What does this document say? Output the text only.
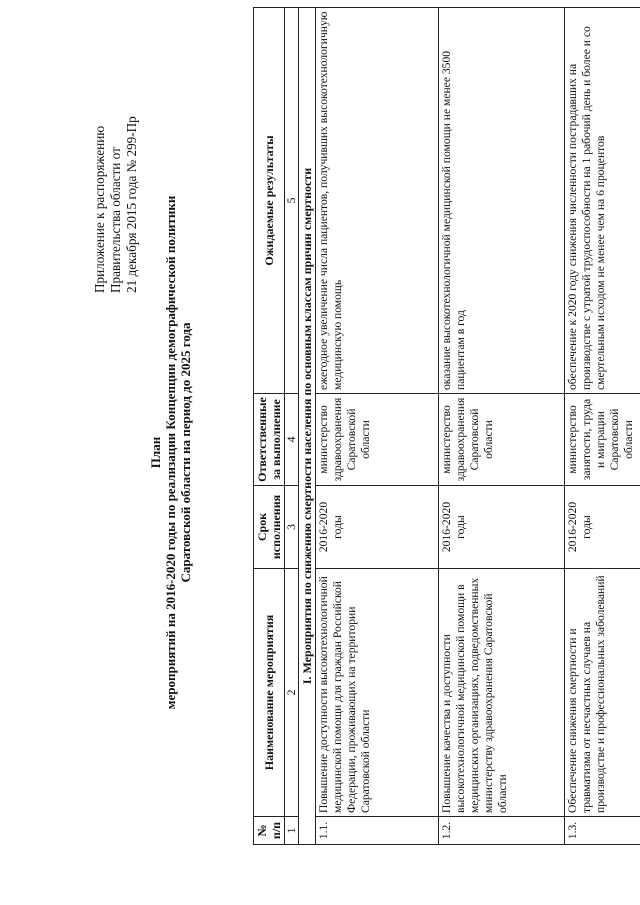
Приложение к распоряжению Правительства области от 21 декабря 2015 года № 299-Пр
План мероприятий на 2016-2020 годы по реализации Концепции демографической политики Саратовской области на период до 2025 года
№ п/п	Наименование мероприятия	Срок исполнения	Ответственные за выполнение	Ожидаемые результаты
1	2	3	4	5
I. Мероприятия по снижению смертности населения по основным классам причин смертности				
1.1.	Повышение доступности высокотехнологичной медицинской помощи для граждан Российской Федерации, проживающих на территории Саратовской области	2016-2020 годы	министерство здравоохранения Саратовской области	ежегодное увеличение числа пациентов, получивших высокотехнологичную медицинскую помощь
1.2.	Повышение качества и доступности высокотехнологичной медицинской помощи в медицинских организациях, подведомственных министерству здравоохранения Саратовской области	2016-2020 годы	министерство здравоохранения Саратовской области	оказание высокотехнологичной медицинской помощи не менее 3500 пациентам в год
1.3.	Обеспечение снижения смертности и травматизма от несчастных случаев на производстве и профессиональных заболеваний	2016-2020 годы	министерство занятости, труда и миграции Саратовской области	обеспечение к 2020 году снижения численности пострадавших на производстве с утратой трудоспособности на 1 рабочий день и более и со смертельным исходом не менее чем на 6 процентов
